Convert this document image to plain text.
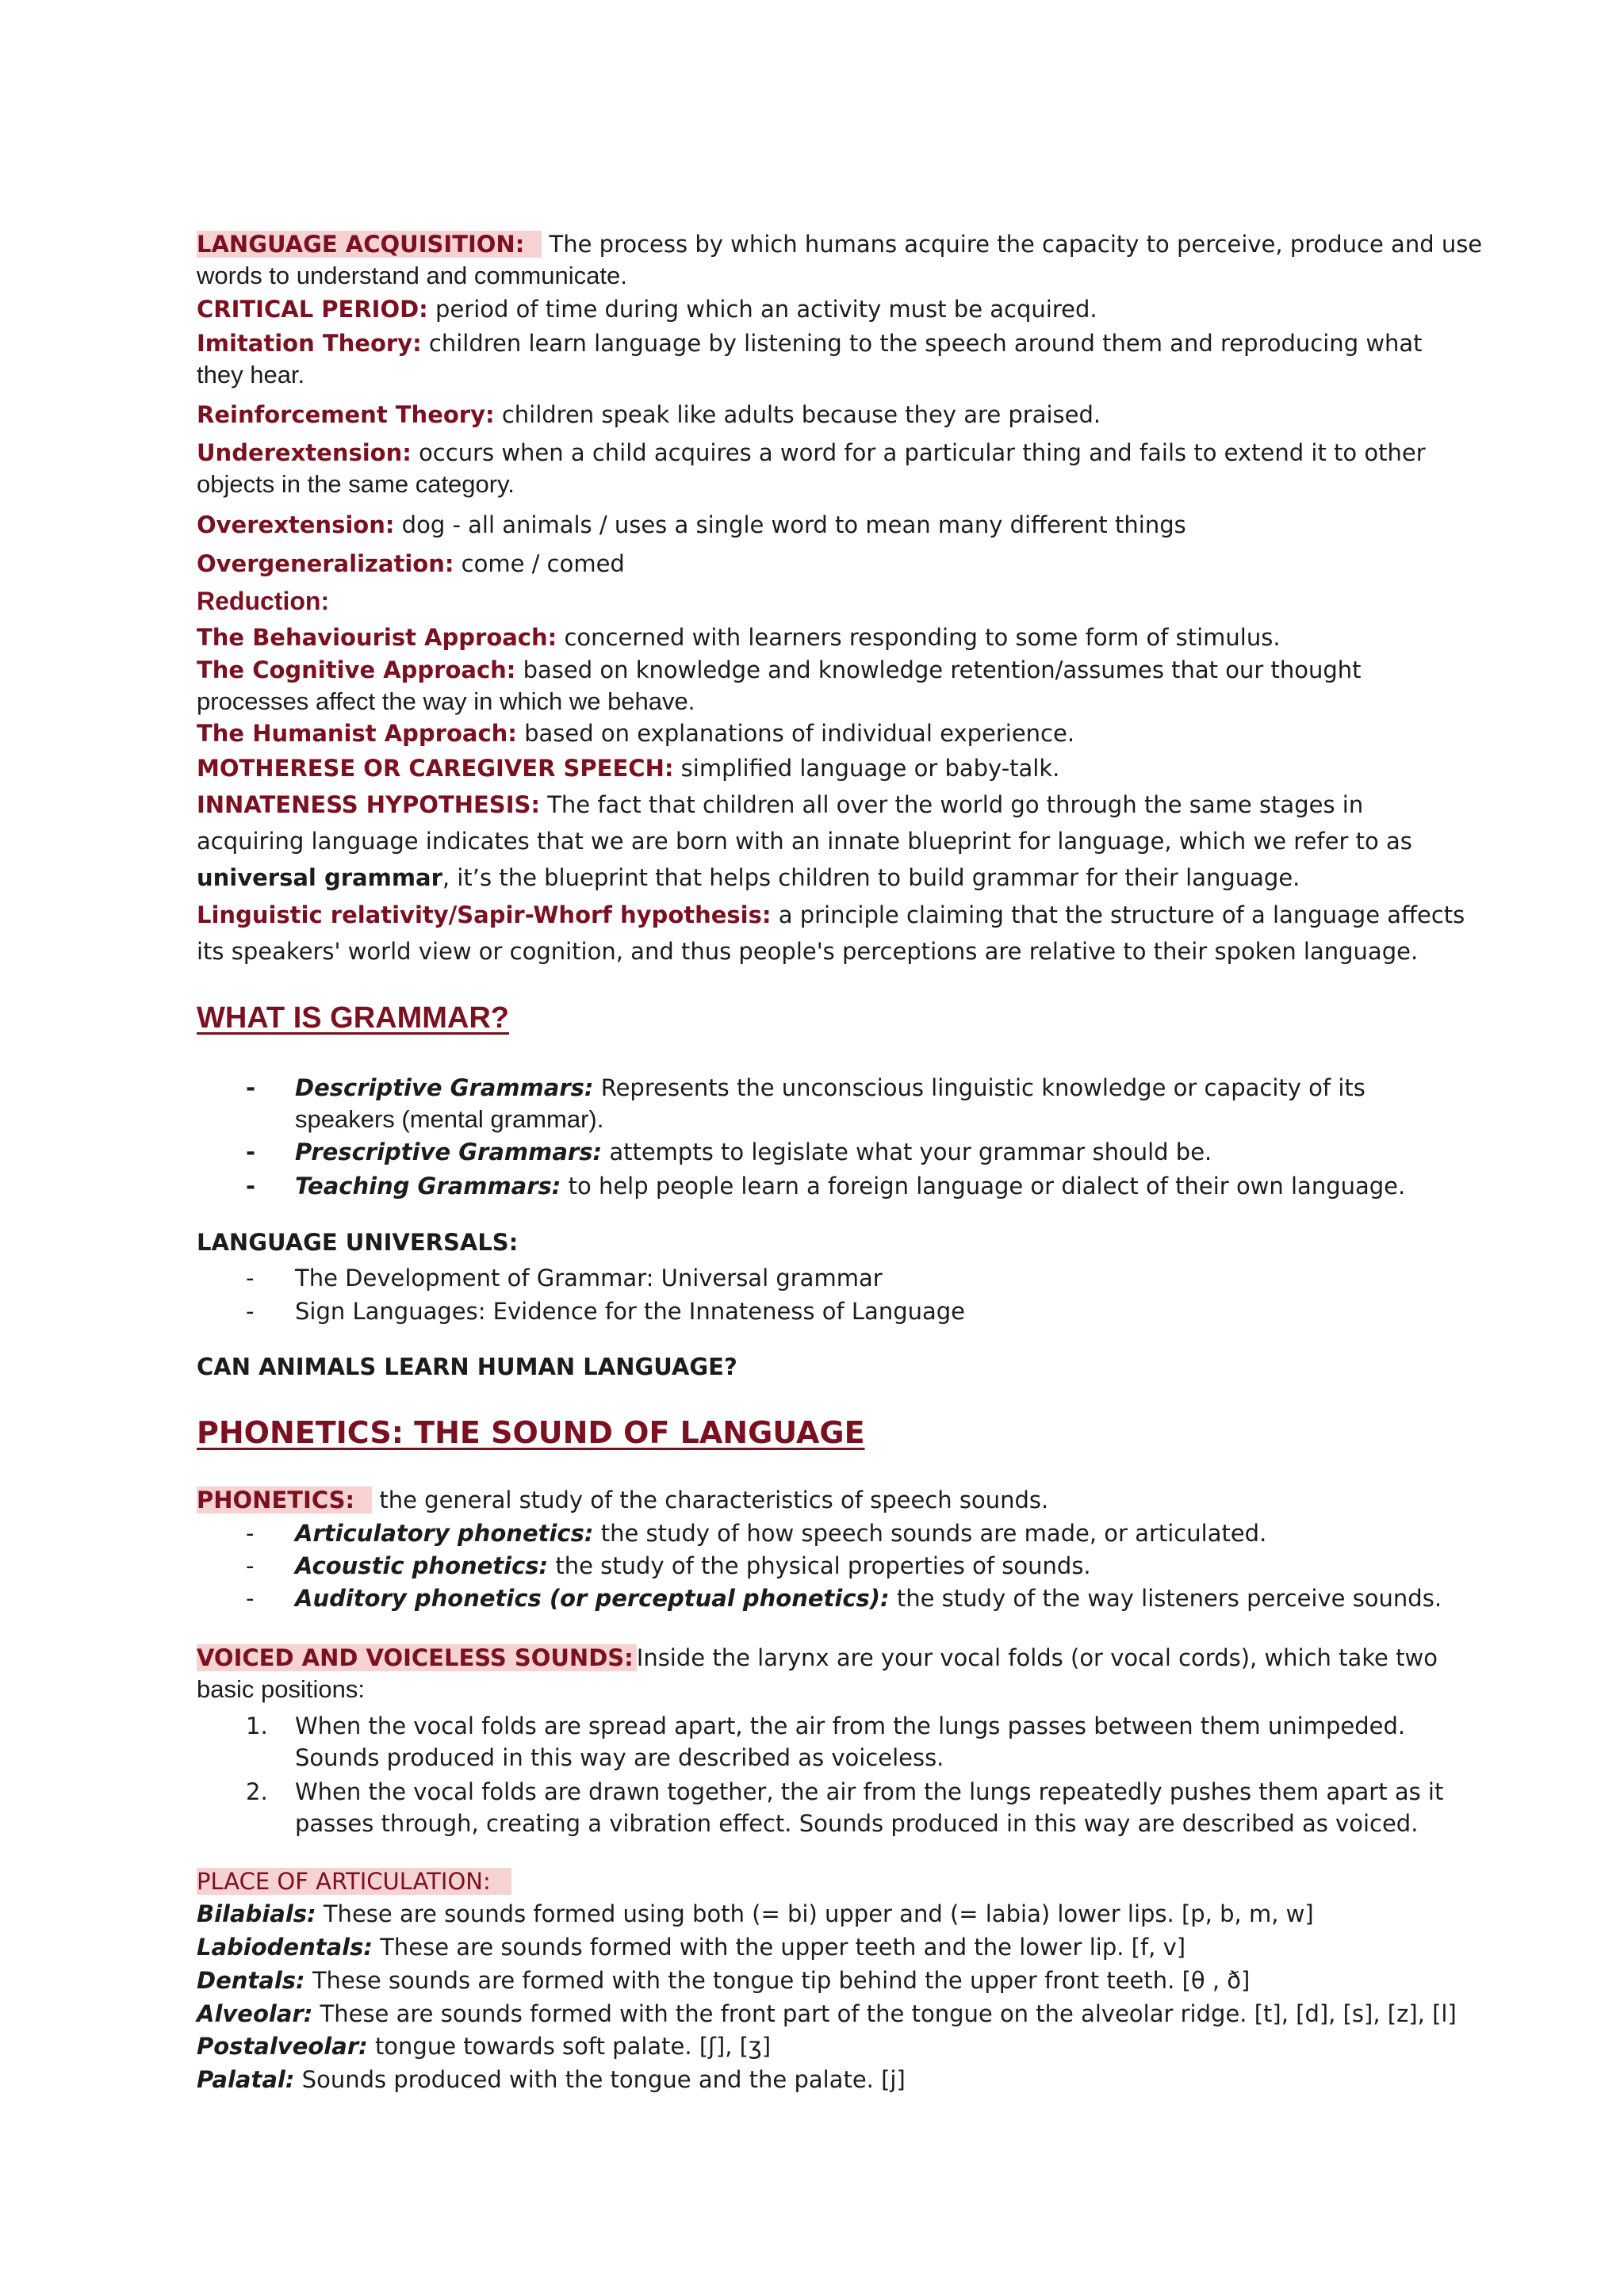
LANGUAGE ACQUISITION: The process by which humans acquire the capacity to perceive, produce and use
words to understand and communicate.
CRITICAL PERIOD: period of time during which an activity must be acquired.
Imitation Theory: children learn language by listening to the speech around them and reproducing what
they hear.
Reinforcement Theory: children speak like adults because they are praised.
Underextension: occurs when a child acquires a word for a particular thing and fails to extend it to other
objects in the same category.
Overextension: dog - all animals / uses a single word to mean many different things
Overgeneralization: come / comed
Reduction:
The Behaviourist Approach: concerned with learners responding to some form of stimulus.
The Cognitive Approach: based on knowledge and knowledge retention/assumes that our thought
processes affect the way in which we behave.
The Humanist Approach: based on explanations of individual experience.
MOTHERESE OR CAREGIVER SPEECH: simplified language or baby-talk.
INNATENESS HYPOTHESIS: The fact that children all over the world go through the same stages in
acquiring language indicates that we are born with an innate blueprint for language, which we refer to as
universal grammar, it’s the blueprint that helps children to build grammar for their language.
Linguistic relativity/Sapir-Whorf hypothesis: a principle claiming that the structure of a language affects
its speakers' world view or cognition, and thus people's perceptions are relative to their spoken language.
WHAT IS GRAMMAR?
-	Descriptive Grammars: Represents the unconscious linguistic knowledge or capacity of its
speakers (mental grammar).
-	Prescriptive Grammars: attempts to legislate what your grammar should be.
-	Teaching Grammars: to help people learn a foreign language or dialect of their own language.
LANGUAGE UNIVERSALS:
-	The Development of Grammar: Universal grammar
-	Sign Languages: Evidence for the Innateness of Language
CAN ANIMALS LEARN HUMAN LANGUAGE?
PHONETICS: THE SOUND OF LANGUAGE
PHONETICS: the general study of the characteristics of speech sounds.
-	Articulatory phonetics: the study of how speech sounds are made, or articulated.
-	Acoustic phonetics: the study of the physical properties of sounds.
-	Auditory phonetics (or perceptual phonetics): the study of the way listeners perceive sounds.
VOICED AND VOICELESS SOUNDS: Inside the larynx are your vocal folds (or vocal cords), which take two
basic positions:
1.	When the vocal folds are spread apart, the air from the lungs passes between them unimpeded.
Sounds produced in this way are described as voiceless.
2.	When the vocal folds are drawn together, the air from the lungs repeatedly pushes them apart as it
passes through, creating a vibration effect. Sounds produced in this way are described as voiced.
PLACE OF ARTICULATION:
Bilabials: These are sounds formed using both (= bi) upper and (= labia) lower lips. [p, b, m, w]
Labiodentals: These are sounds formed with the upper teeth and the lower lip. [f, v]
Dentals: These sounds are formed with the tongue tip behind the upper front teeth. [θ , ð]
Alveolar: These are sounds formed with the front part of the tongue on the alveolar ridge. [t], [d], [s], [z], [l]
Postalveolar: tongue towards soft palate. [ʃ], [ʒ]
Palatal: Sounds produced with the tongue and the palate. [j]
